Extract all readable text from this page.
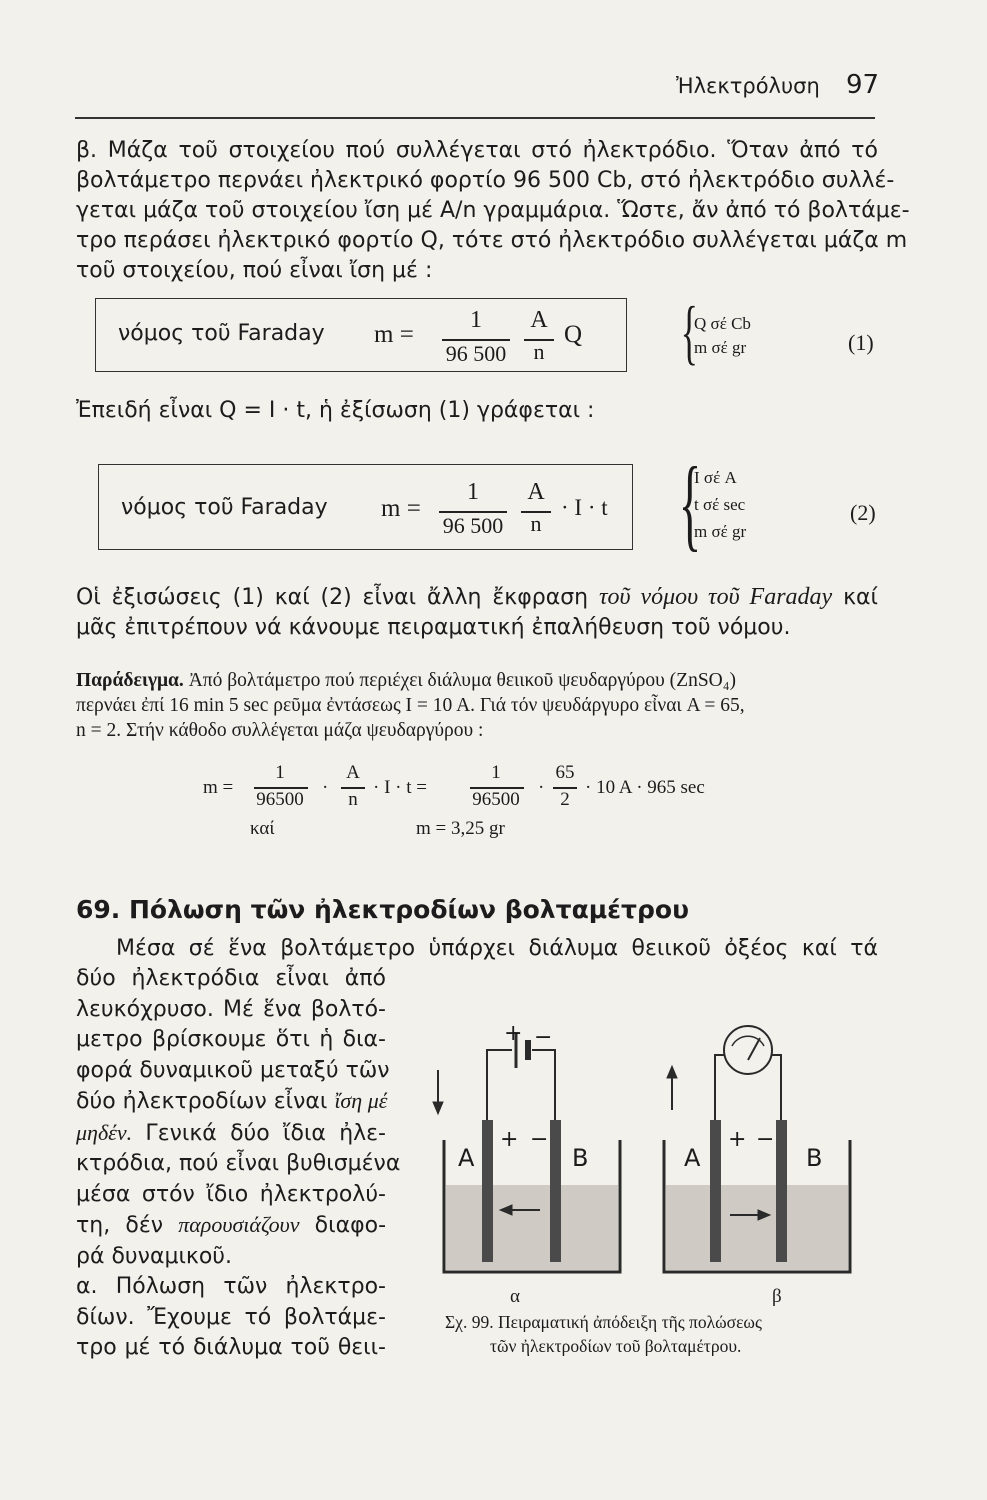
Ἠλεκτρόλυση 97
β. Μάζα τοῦ στοιχείου πού συλλέγεται στό ἠλεκτρόδιο. Ὅταν ἀπό τό
βολτάμετρο περνάει ἠλεκτρικό φορτίο 96 500 Cb, στό ἠλεκτρόδιο συλλέ-
γεται μάζα τοῦ στοιχείου ἴση μέ A/n γραμμάρια. Ὥστε, ἄν ἀπό τό βολτάμε-
τρο περάσει ἠλεκτρικό φορτίο Q, τότε στό ἠλεκτρόδιο συλλέγεται μάζα m
τοῦ στοιχείου, πού εἶναι ἴση μέ :
νόμος τοῦ Faraday m =
1
96 500
A
n
Q {
Q σέ Cb
m σέ gr	(1)
Ἐπειδή εἶναι Q = I · t, ἡ ἐξίσωση (1) γράφεται :
νόμος τοῦ Faraday m =
1
96 500
A
n
· I · t {
I σέ A
t σέ sec
m σέ gr
(2)
Οἱ ἐξισώσεις (1) καί (2) εἶναι ἄλλη ἔκφραση τοῦ νόμου τοῦ Faraday καί
μᾶς ἐπιτρέπουν νά κάνουμε πειραματική ἐπαλήθευση τοῦ νόμου.
Παράδειγμα. Ἀπό βολτάμετρο πού περιέχει διάλυμα θειικοῦ ψευδαργύρου (ZnSO₄)
περνάει ἐπί 16 min 5 sec ρεῦμα ἐντάσεως I = 10 A. Γιά τόν ψευδάργυρο εἶναι A = 65,
n = 2. Στήν κάθοδο συλλέγεται μάζα ψευδαργύρου :
m =
1
96500
·
A
n
· I · t =
1
96500
·
65
2
· 10 A · 965 sec
καί	m = 3,25 gr
69. Πόλωση τῶν ἠλεκτροδίων βολταμέτρου
Μέσα σέ ἕνα βολτάμετρο ὑπάρχει διάλυμα θειικοῦ ὀξέος καί τά
δύο ἠλεκτρόδια εἶναι ἀπό
λευκόχρυσο. Μέ ἕνα βολτό-
μετρο βρίσκουμε ὅτι ἡ δια-
φορά δυναμικοῦ μεταξύ τῶν
δύο ἠλεκτροδίων εἶναι ἴση μέ
μηδέν. Γενικά δύο ἴδια ἠλε-
κτρόδια, πού εἶναι βυθισμένα
μέσα στόν ἴδιο ἠλεκτρολύ-
τη, δέν παρουσιάζουν διαφο-
ρά δυναμικοῦ.
α. Πόλωση τῶν ἠλεκτρο-
δίων. Ἔχουμε τό βολτάμε-
τρο μέ τό διάλυμα τοῦ θειι-
+ −
+ −
A	B
+ −
A	B
α	β
Σχ. 99. Πειραματική ἀπόδειξη τῆς πολώσεως
τῶν ἠλεκτροδίων τοῦ βολταμέτρου.
